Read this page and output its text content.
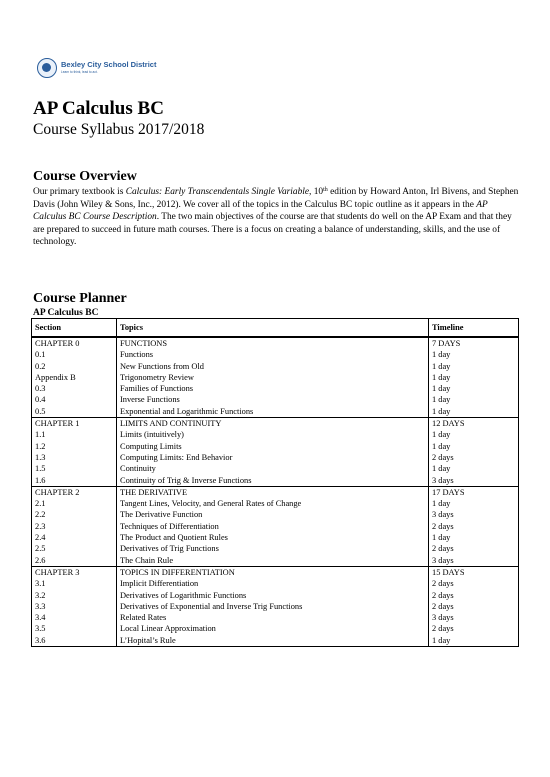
Bexley City School District
Learn to think, lead to act.
AP Calculus BC
Course Syllabus 2017/2018
Course Overview

Our primary textbook is Calculus: Early Transcendentals Single Variable, 10th edition by Howard Anton, Irl Bivens, and Stephen Davis (John Wiley & Sons, Inc., 2012). We cover all of the topics in the Calculus BC topic outline as it appears in the AP Calculus BC Course Description. The two main objectives of the course are that students do well on the AP Exam and that they are prepared to succeed in future math courses. There is a focus on creating a balance of understanding, skills, and the use of technology.

Course Planner
AP Calculus BC
Section	Topics	Timeline
CHAPTER 0	FUNCTIONS	7 DAYS
0.1	Functions	1 day
0.2	New Functions from Old	1 day
Appendix B	Trigonometry Review	1 day
0.3	Families of Functions	1 day
0.4	Inverse Functions	1 day
0.5	Exponential and Logarithmic Functions	1 day
CHAPTER 1	LIMITS AND CONTINUITY	12 DAYS
1.1	Limits (intuitively)	1 day
1.2	Computing Limits	1 day
1.3	Computing Limits: End Behavior	2 days
1.5	Continuity	1 day
1.6	Continuity of Trig & Inverse Functions	3 days
CHAPTER 2	THE DERIVATIVE	17 DAYS
2.1	Tangent Lines, Velocity, and General Rates of Change	1 day
2.2	The Derivative Function	3 days
2.3	Techniques of Differentiation	2 days
2.4	The Product and Quotient Rules	1 day
2.5	Derivatives of Trig Functions	2 days
2.6	The Chain Rule	3 days
CHAPTER 3	TOPICS IN DIFFERENTIATION	15 DAYS
3.1	Implicit Differentiation	2 days
3.2	Derivatives of Logarithmic Functions	2 days
3.3	Derivatives of Exponential and Inverse Trig Functions	2 days
3.4	Related Rates	3 days
3.5	Local Linear Approximation	2 days
3.6	L’Hopital’s Rule	1 day
